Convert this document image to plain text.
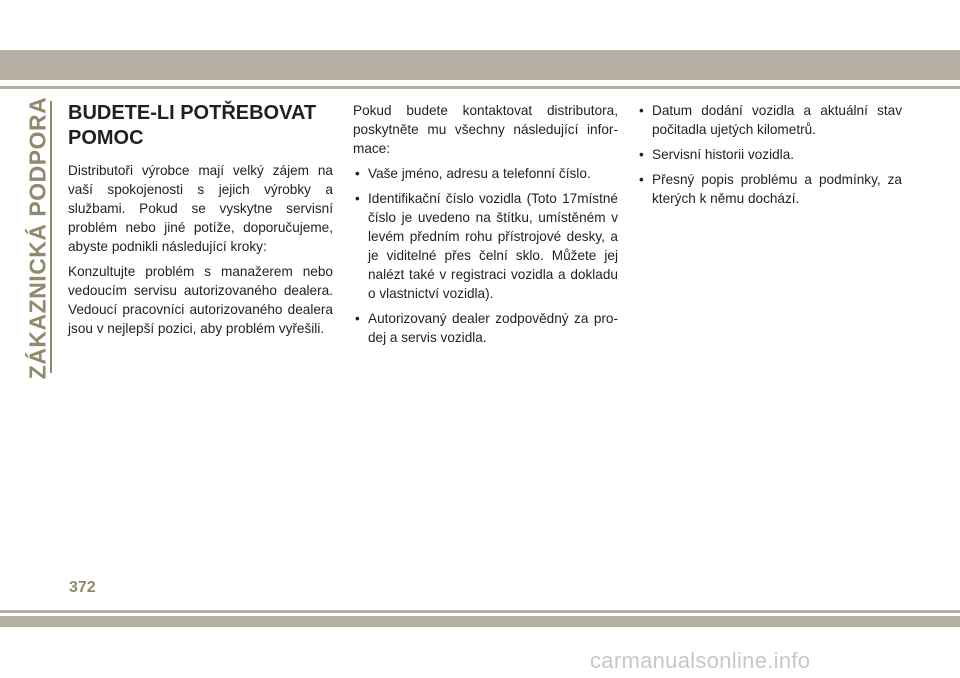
ZÁKAZNICKÁ PODPORA BUDETE-LI POTŘEBOVAT POMOC

Distributoři výrobce mají velký zájem na vaší spokojenosti s jejich výrobky a službami. Pokud se vyskytne servisní problém nebo jiné potíže, doporučujeme, abyste podnikli následující kroky:

Konzultujte problém s manažerem nebo vedoucím servisu autorizovaného dealera. Vedoucí pracovníci autorizovaného dealera jsou v nejlepší pozici, aby problém vyřešili.

Pokud budete kontaktovat distributora, poskytněte mu všechny následující infor-mace:

• Vaše jméno, adresu a telefonní číslo.
• Identifikační číslo vozidla (Toto 17místné číslo je uvedeno na štítku, umístěném v levém předním rohu přístrojové desky, a je viditelné přes čelní sklo. Můžete jej nalézt také v registraci vozidla a dokladu o vlastnictví vozidla).
• Autorizovaný dealer zodpovědný za pro-dej a servis vozidla.
• Datum dodání vozidla a aktuální stav počitadla ujetých kilometrů.
• Servisní historii vozidla.
• Přesný popis problému a podmínky, za kterých k němu dochází.
372
carmanualsonline.info
